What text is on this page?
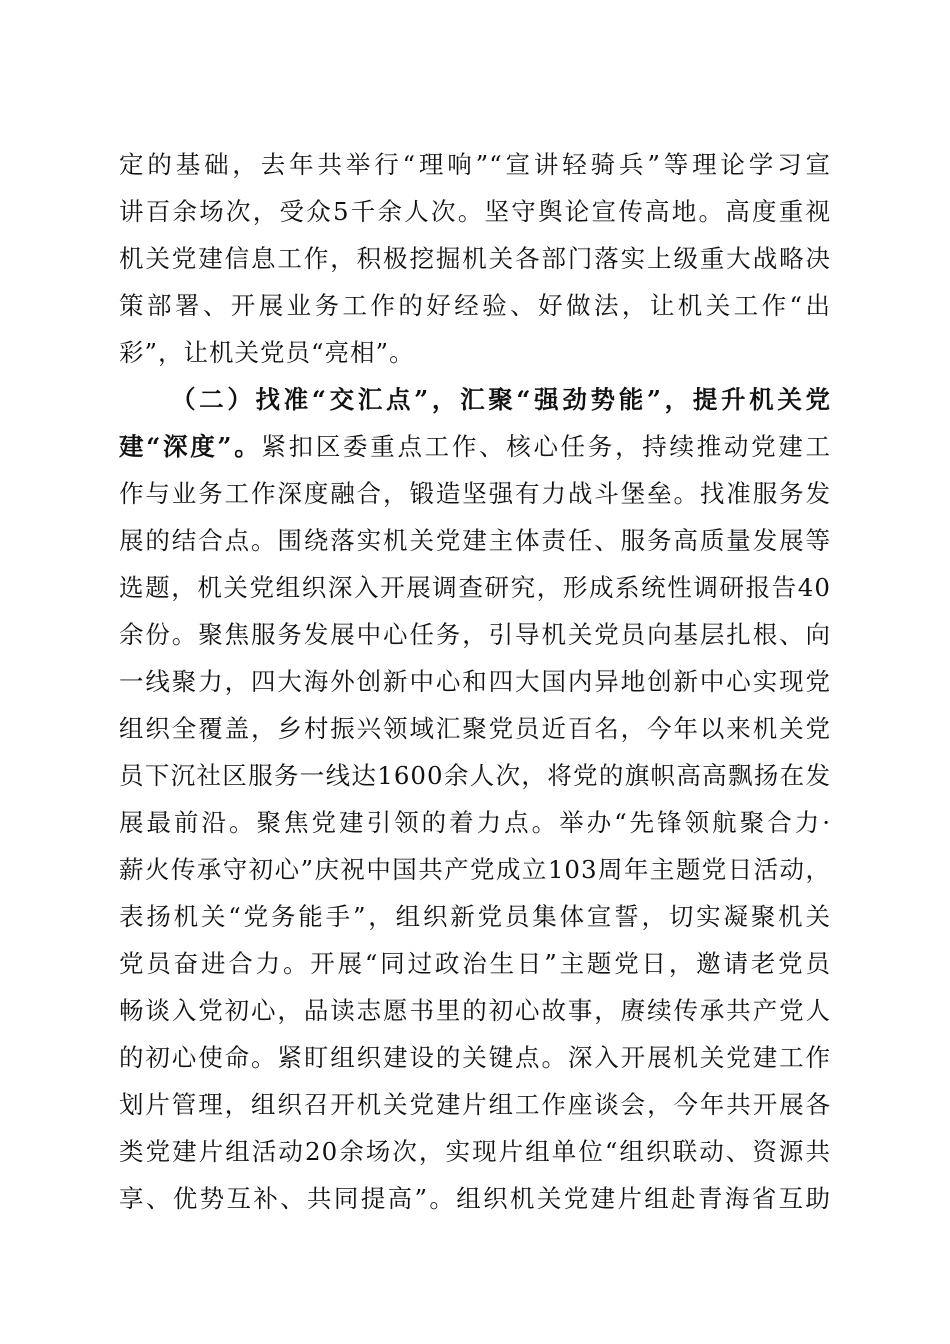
定的基础，去年共举行“理响”“宣讲轻骑兵”等理论学习宣
讲百余场次，受众5千余人次。坚守舆论宣传高地。高度重视
机关党建信息工作，积极挖掘机关各部门落实上级重大战略决
策部署、开展业务工作的好经验、好做法，让机关工作“出
彩”，让机关党员“亮相”。
（二）找准“交汇点”，汇聚“强劲势能”，提升机关党
建“深度”。紧扣区委重点工作、核心任务，持续推动党建工
作与业务工作深度融合，锻造坚强有力战斗堡垒。找准服务发
展的结合点。围绕落实机关党建主体责任、服务高质量发展等
选题，机关党组织深入开展调查研究，形成系统性调研报告40
余份。聚焦服务发展中心任务，引导机关党员向基层扎根、向
一线聚力，四大海外创新中心和四大国内异地创新中心实现党
组织全覆盖，乡村振兴领域汇聚党员近百名，今年以来机关党
员下沉社区服务一线达1600余人次，将党的旗帜高高飘扬在发
展最前沿。聚焦党建引领的着力点。举办“先锋领航聚合力·
薪火传承守初心”庆祝中国共产党成立103周年主题党日活动，
表扬机关“党务能手”，组织新党员集体宣誓，切实凝聚机关
党员奋进合力。开展“同过政治生日”主题党日，邀请老党员
畅谈入党初心，品读志愿书里的初心故事，赓续传承共产党人
的初心使命。紧盯组织建设的关键点。深入开展机关党建工作
划片管理，组织召开机关党建片组工作座谈会，今年共开展各
类党建片组活动20余场次，实现片组单位“组织联动、资源共
享、优势互补、共同提高”。组织机关党建片组赴青海省互助
